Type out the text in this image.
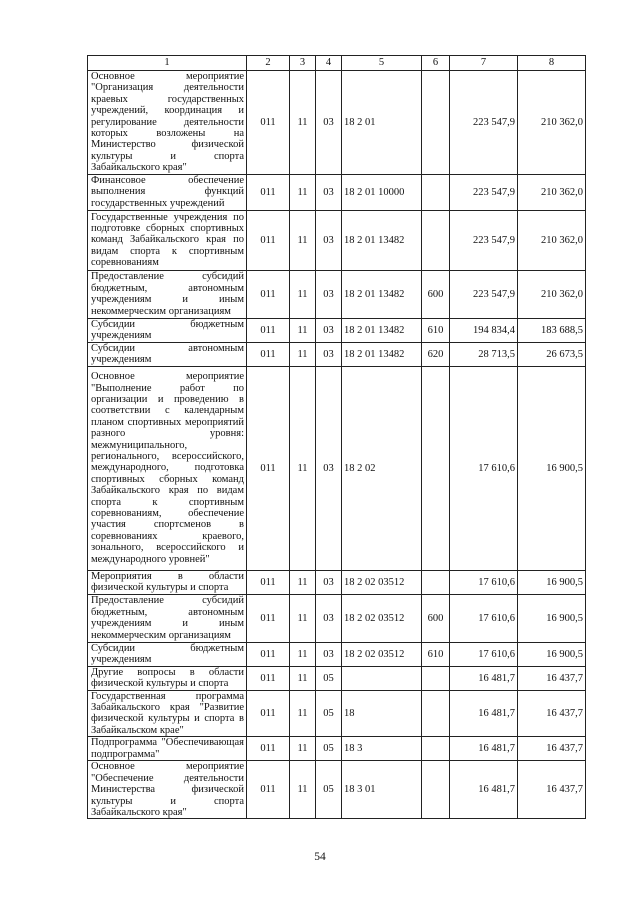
1	2	3	4	5	6	7	8
Основное мероприятие "Организация деятельности краевых государственных учреждений, координация и регулирование деятельности которых возложены на Министерство физической культуры и спорта Забайкальского края"	011	11	03	18 2 01		223 547,9	210 362,0
Финансовое обеспечение выполнения функций государственных учреждений	011	11	03	18 2 01 10000		223 547,9	210 362,0
Государственные учреждения по подготовке сборных спортивных команд Забайкальского края по видам спорта к спортивным соревнованиям	011	11	03	18 2 01 13482		223 547,9	210 362,0
Предоставление субсидий бюджетным, автономным учреждениям и иным некоммерческим организациям	011	11	03	18 2 01 13482	600	223 547,9	210 362,0
Субсидии бюджетным учреждениям	011	11	03	18 2 01 13482	610	194 834,4	183 688,5
Субсидии автономным учреждениям	011	11	03	18 2 01 13482	620	28 713,5	26 673,5
Основное мероприятие "Выполнение работ по организации и проведению в соответствии с календарным планом спортивных мероприятий разного уровня: межмуниципального, регионального, всероссийского, международного, подготовка спортивных сборных команд Забайкальского края по видам спорта к спортивным соревнованиям, обеспечение участия спортсменов в соревнованиях краевого, зонального, всероссийского и международного уровней"	011	11	03	18 2 02		17 610,6	16 900,5
Мероприятия в области физической культуры и спорта	011	11	03	18 2 02 03512		17 610,6	16 900,5
Предоставление субсидий бюджетным, автономным учреждениям и иным некоммерческим организациям	011	11	03	18 2 02 03512	600	17 610,6	16 900,5
Субсидии бюджетным учреждениям	011	11	03	18 2 02 03512	610	17 610,6	16 900,5
Другие вопросы в области физической культуры и спорта	011	11	05			16 481,7	16 437,7
Государственная программа Забайкальского края "Развитие физической культуры и спорта в Забайкальском крае"	011	11	05	18		16 481,7	16 437,7
Подпрограмма "Обеспечивающая подпрограмма"	011	11	05	18 3		16 481,7	16 437,7
Основное мероприятие "Обеспечение деятельности Министерства физической культуры и спорта Забайкальского края"	011	11	05	18 3 01		16 481,7	16 437,7
54
